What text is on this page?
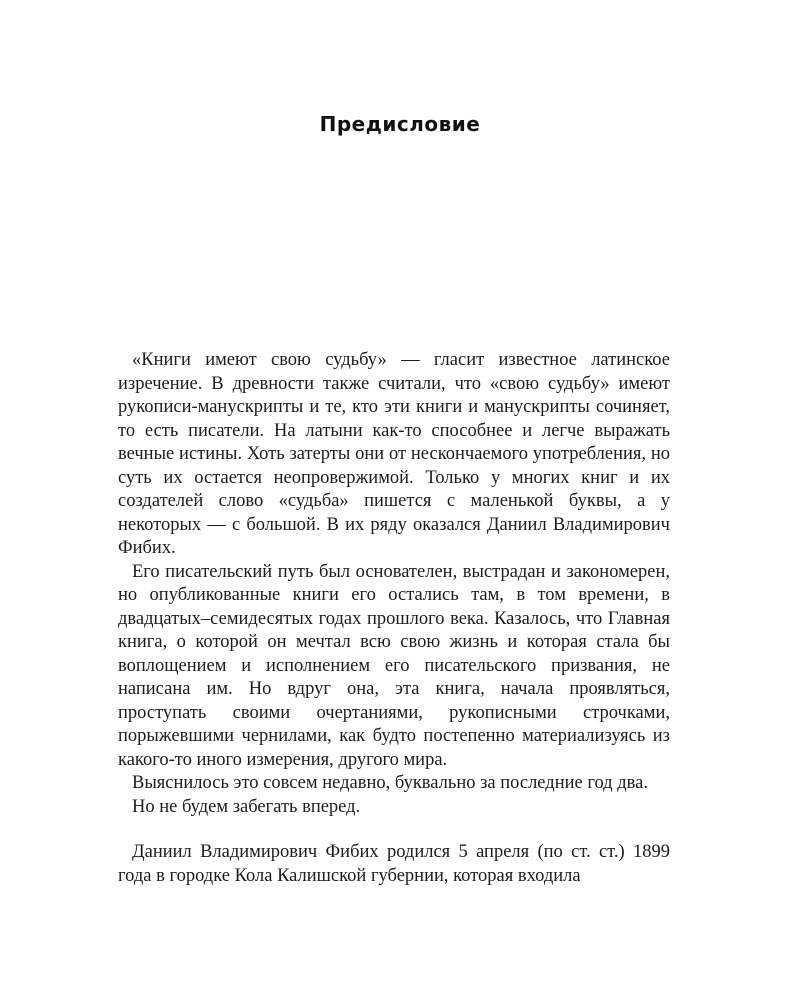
Предисловие

«Книги имеют свою судьбу» — гласит известное латинское изречение. В древности также считали, что «свою судьбу» имеют рукописи-манускрипты и те, кто эти книги и манускрипты сочиняет, то есть писатели. На латыни как-то способнее и легче выражать вечные истины. Хоть затерты они от нескончаемого употребления, но суть их остается неопровержимой. Только у многих книг и их создателей слово «судьба» пишется с маленькой буквы, а у некоторых — с большой. В их ряду оказался Даниил Владимирович Фибих.

Его писательский путь был основателен, выстрадан и закономерен, но опубликованные книги его остались там, в том времени, в двадцатых–семидесятых годах прошлого века. Казалось, что Главная книга, о которой он мечтал всю свою жизнь и которая стала бы воплощением и исполнением его писательского призвания, не написана им. Но вдруг она, эта книга, начала проявляться, проступать своими очертаниями, рукописными строчками, порыжевшими чернилами, как будто постепенно материализуясь из какого-то иного измерения, другого мира.

Выяснилось это совсем недавно, буквально за последние год два.

Но не будем забегать вперед.

Даниил Владимирович Фибих родился 5 апреля (по ст. ст.) 1899 года в городке Кола Калишской губернии, которая входила
